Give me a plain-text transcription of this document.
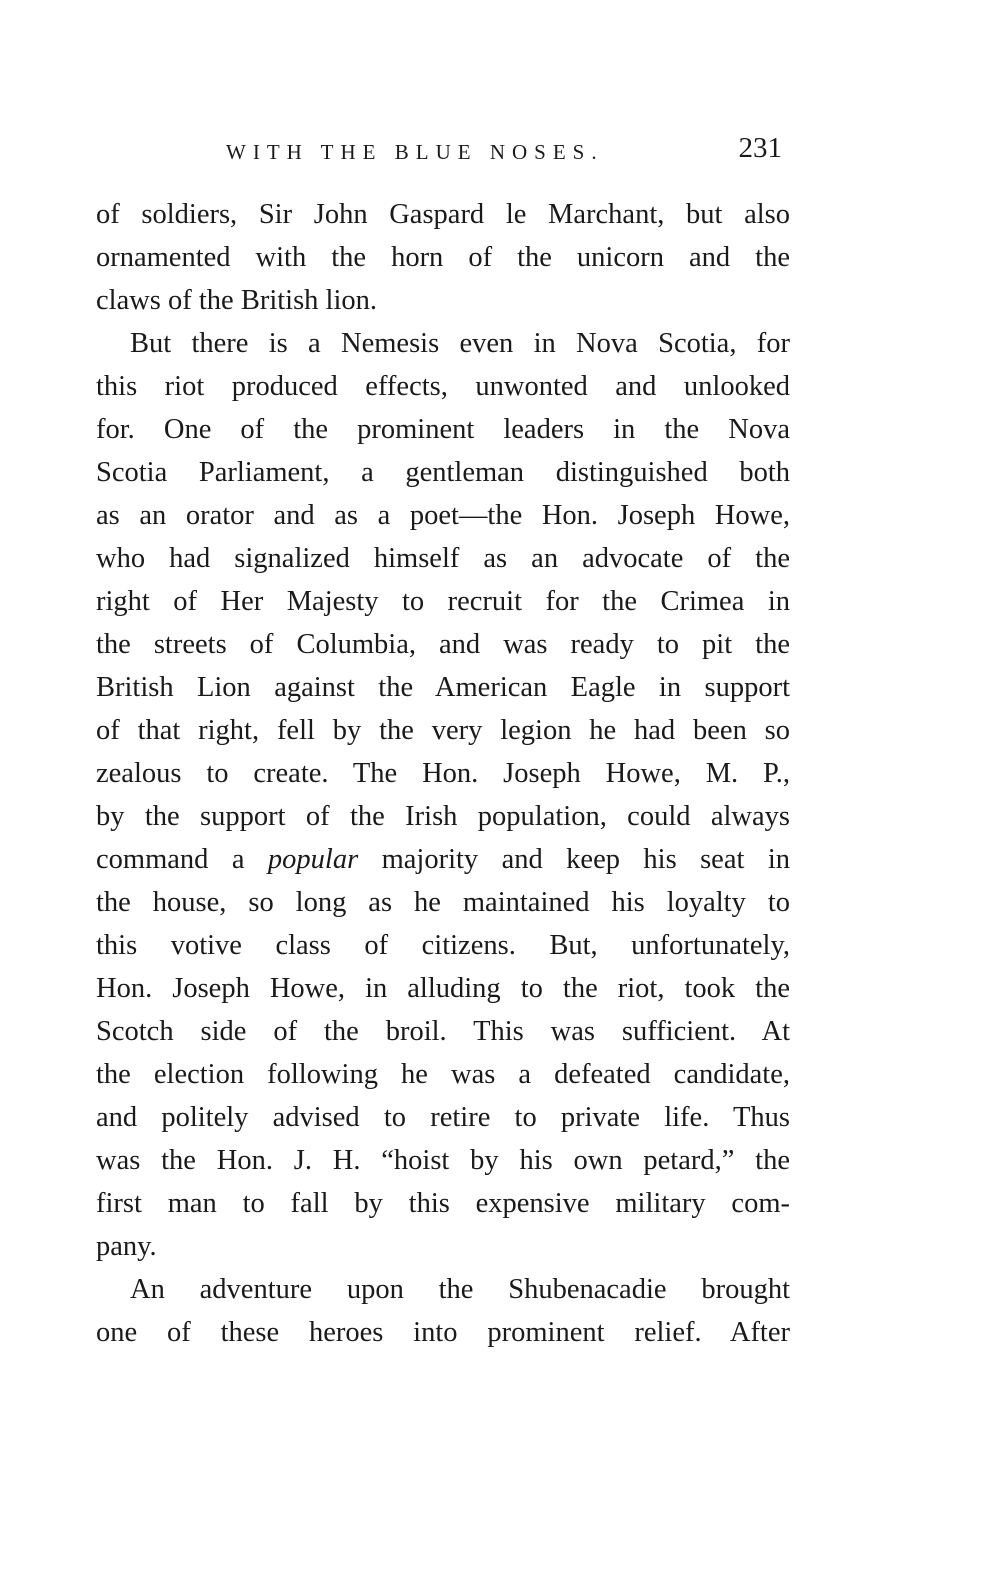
WITH THE BLUE NOSES.	231
of soldiers, Sir John Gaspard le Marchant, but also
ornamented with the horn of the unicorn and the
claws of the British lion.
But there is a Nemesis even in Nova Scotia, for
this riot produced effects, unwonted and unlooked
for. One of the prominent leaders in the Nova
Scotia Parliament, a gentleman distinguished both
as an orator and as a poet—the Hon. Joseph Howe,
who had signalized himself as an advocate of the
right of Her Majesty to recruit for the Crimea in
the streets of Columbia, and was ready to pit the
British Lion against the American Eagle in support
of that right, fell by the very legion he had been so
zealous to create. The Hon. Joseph Howe, M. P.,
by the support of the Irish population, could always
command a popular majority and keep his seat in
the house, so long as he maintained his loyalty to
this votive class of citizens. But, unfortunately,
Hon. Joseph Howe, in alluding to the riot, took the
Scotch side of the broil. This was sufficient. At
the election following he was a defeated candidate,
and politely advised to retire to private life. Thus
was the Hon. J. H. “hoist by his own petard,” the
first man to fall by this expensive military com-
pany.
An adventure upon the Shubenacadie brought
one of these heroes into prominent relief. After
